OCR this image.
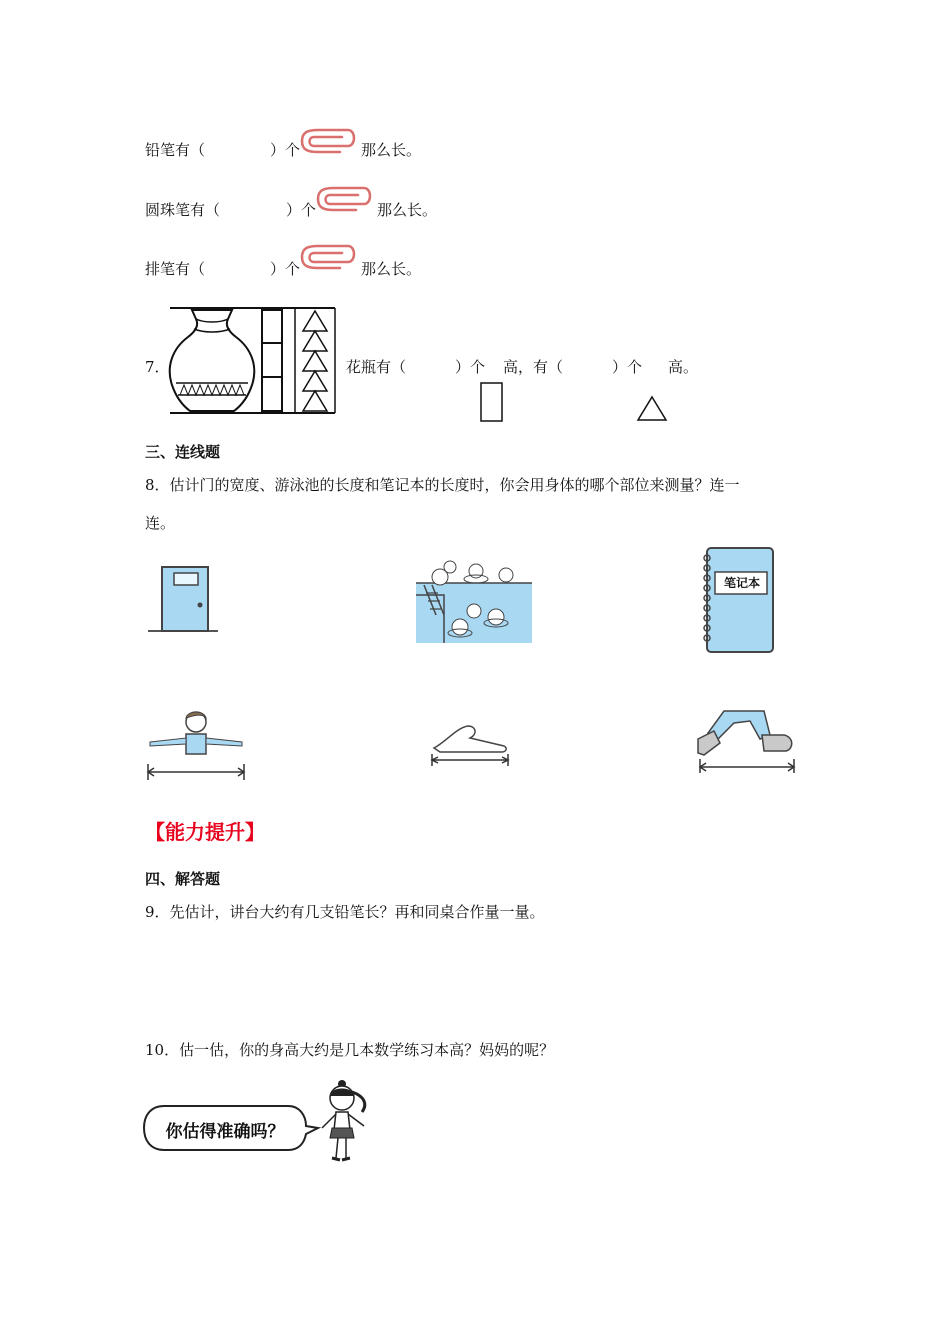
铅笔有（	）个	那么长。
圆珠笔有（	）个	那么长。
排笔有（	）个	那么长。
7．	花瓶有（	）个 高，有（	）个 高。
三、连线题
8．估计门的宽度、游泳池的长度和笔记本的长度时，你会用身体的哪个部位来测量？连一
连。
笔记本
【能力提升】
四、解答题
9．先估计，讲台大约有几支铅笔长？再和同桌合作量一量。
10．估一估，你的身高大约是几本数学练习本高？妈妈的呢？
你估得准确吗？
